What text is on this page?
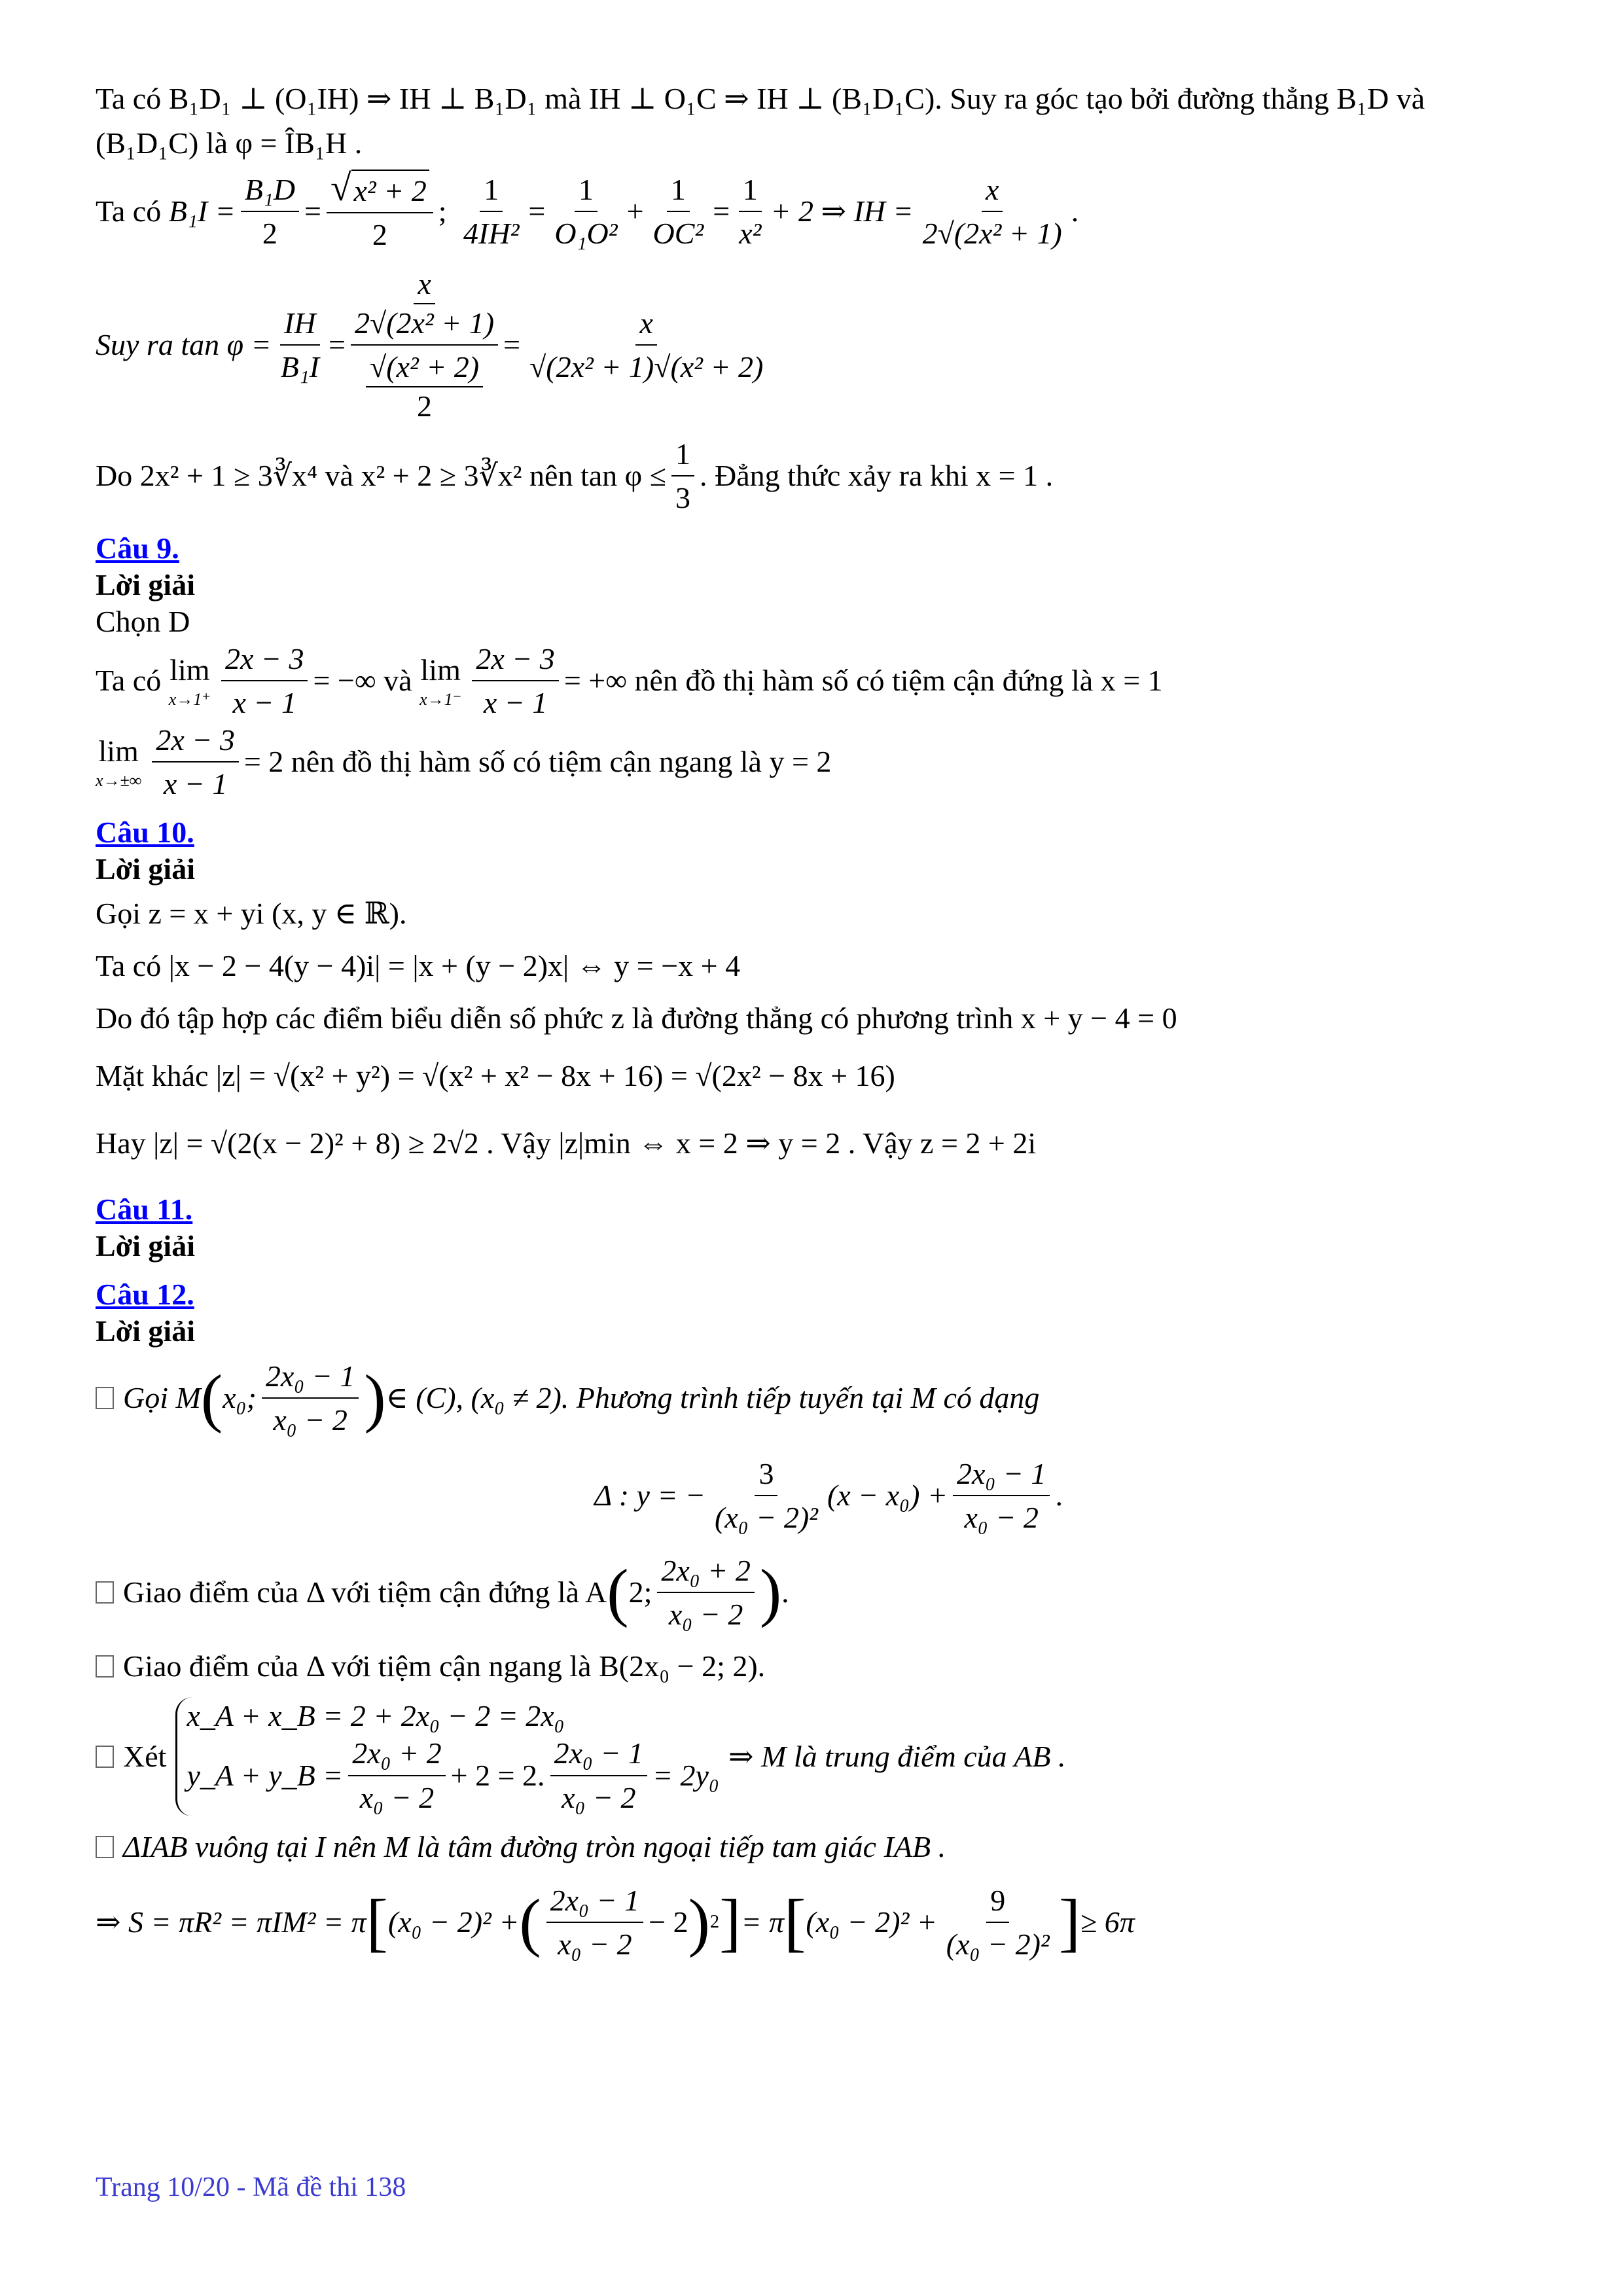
Ta có B₁D₁ ⊥ (O₁IH) ⇒ IH ⊥ B₁D₁ mà IH ⊥ O₁C ⇒ IH ⊥ (B₁D₁C). Suy ra góc tạo bởi đường thẳng B₁D và

(B₁D₁C) là φ = ÎB₁H .

Ta có
$B_1I = \frac{\text{B₁D}}{2} = \frac{\text{√ x² + 2}}{2}$ ;
$\frac{1}{\text{4IH²}} = \frac{1}{\text{O₁O²}} + \frac{1}{\text{OC²}} = \frac{1}{\text{x²}} + 2$ ⇒ IH = $\frac{x}{\text{2√(2x² + 1)}}$ .
Suy ra $\tan \varphi = \frac{IH}{\text{B₁I}} = \frac{\frac{x}{\text{2√(2x² + 1)}}}{\frac{\text{√(x² + 2)}}{2}} = \frac{x}{\text{√(2x² + 1)√(x² + 2)}}$
Do 2x² + 1 ≥ 3∛x⁴ và x² + 2 ≥ 3∛x² nên $\tan \varphi \le \frac{1}{3}$ . Đẳng thức xảy ra khi x = 1 .

Câu 9.

Lời giải

Chọn D

Ta có
lim
$x\to 1^+ \frac{2x - 3}{x - 1}$ = −∞ và
lim
$x\to 1^- \frac{2x - 3}{x - 1}$ = +∞ nên đồ thị hàm số có tiệm cận đứng là x = 1
lim
$x\to\pm\infty \frac{2x - 3}{x - 1} = 2$ nên đồ thị hàm số có tiệm cận ngang là y = 2

Câu 10.

Lời giải

Gọi z = x + yi (x, y ∈ ℝ).

Ta có |x − 2 − 4(y − 4)i| = |x + (y − 2)x| ⇔ y = −x + 4

Do đó tập hợp các điểm biểu diễn số phức z là đường thẳng có phương trình x + y − 4 = 0

Mặt khác |z| = √(x² + y²) = √(x² + x² − 8x + 16) = √(2x² − 8x + 16)

Hay |z| = √(2(x − 2)² + 8) ≥ 2√2 . Vậy |z|min ⇔ x = 2 ⇒ y = 2 . Vậy z = 2 + 2i

Câu 11.

Lời giải

Câu 12.

Lời giải

Gọi M ( x₀; $\frac{\text{2x₀ − 1}}{\text{x₀ − 2}}$ ) ∈ (C), (x₀ ≠ 2). Phương trình tiếp tuyến tại M có dạng
Δ : y = − $\frac{3}{\text{(x₀ − 2)²}} (x - x_0) + \frac{\text{2x₀ − 1}}{\text{x₀ − 2}}$ .
Giao điểm của Δ với tiệm cận đứng là A ( 2; $\frac{\text{2x₀ + 2}}{\text{x₀ − 2}}$ ) .
Giao điểm của Δ với tiệm cận ngang là B(2x₀ − 2; 2).
Xét
x_A + x_B = 2 + 2x₀ − 2 = 2x₀
y_A + y_B = $\frac{\text{2x₀ + 2}}{\text{x₀ − 2}} + 2 = 2$. $\frac{\text{2x₀ − 1}}{\text{x₀ − 2}} = 2y_0$
⇒ M là trung điểm của AB .
ΔIAB vuông tại I nên M là tâm đường tròn ngoại tiếp tam giác IAB .
⇒ S = πR² = πIM² = π [ (x₀ − 2)² + ( $\frac{\text{2x₀ − 1}}{\text{x₀ − 2}} - 2$ ) 2 ] = π [ $(x_0 - 2)^2 + \frac{9}{\text{(x₀ − 2)²}}$ ] ≥ 6π
Trang 10/20 - Mã đề thi 138
